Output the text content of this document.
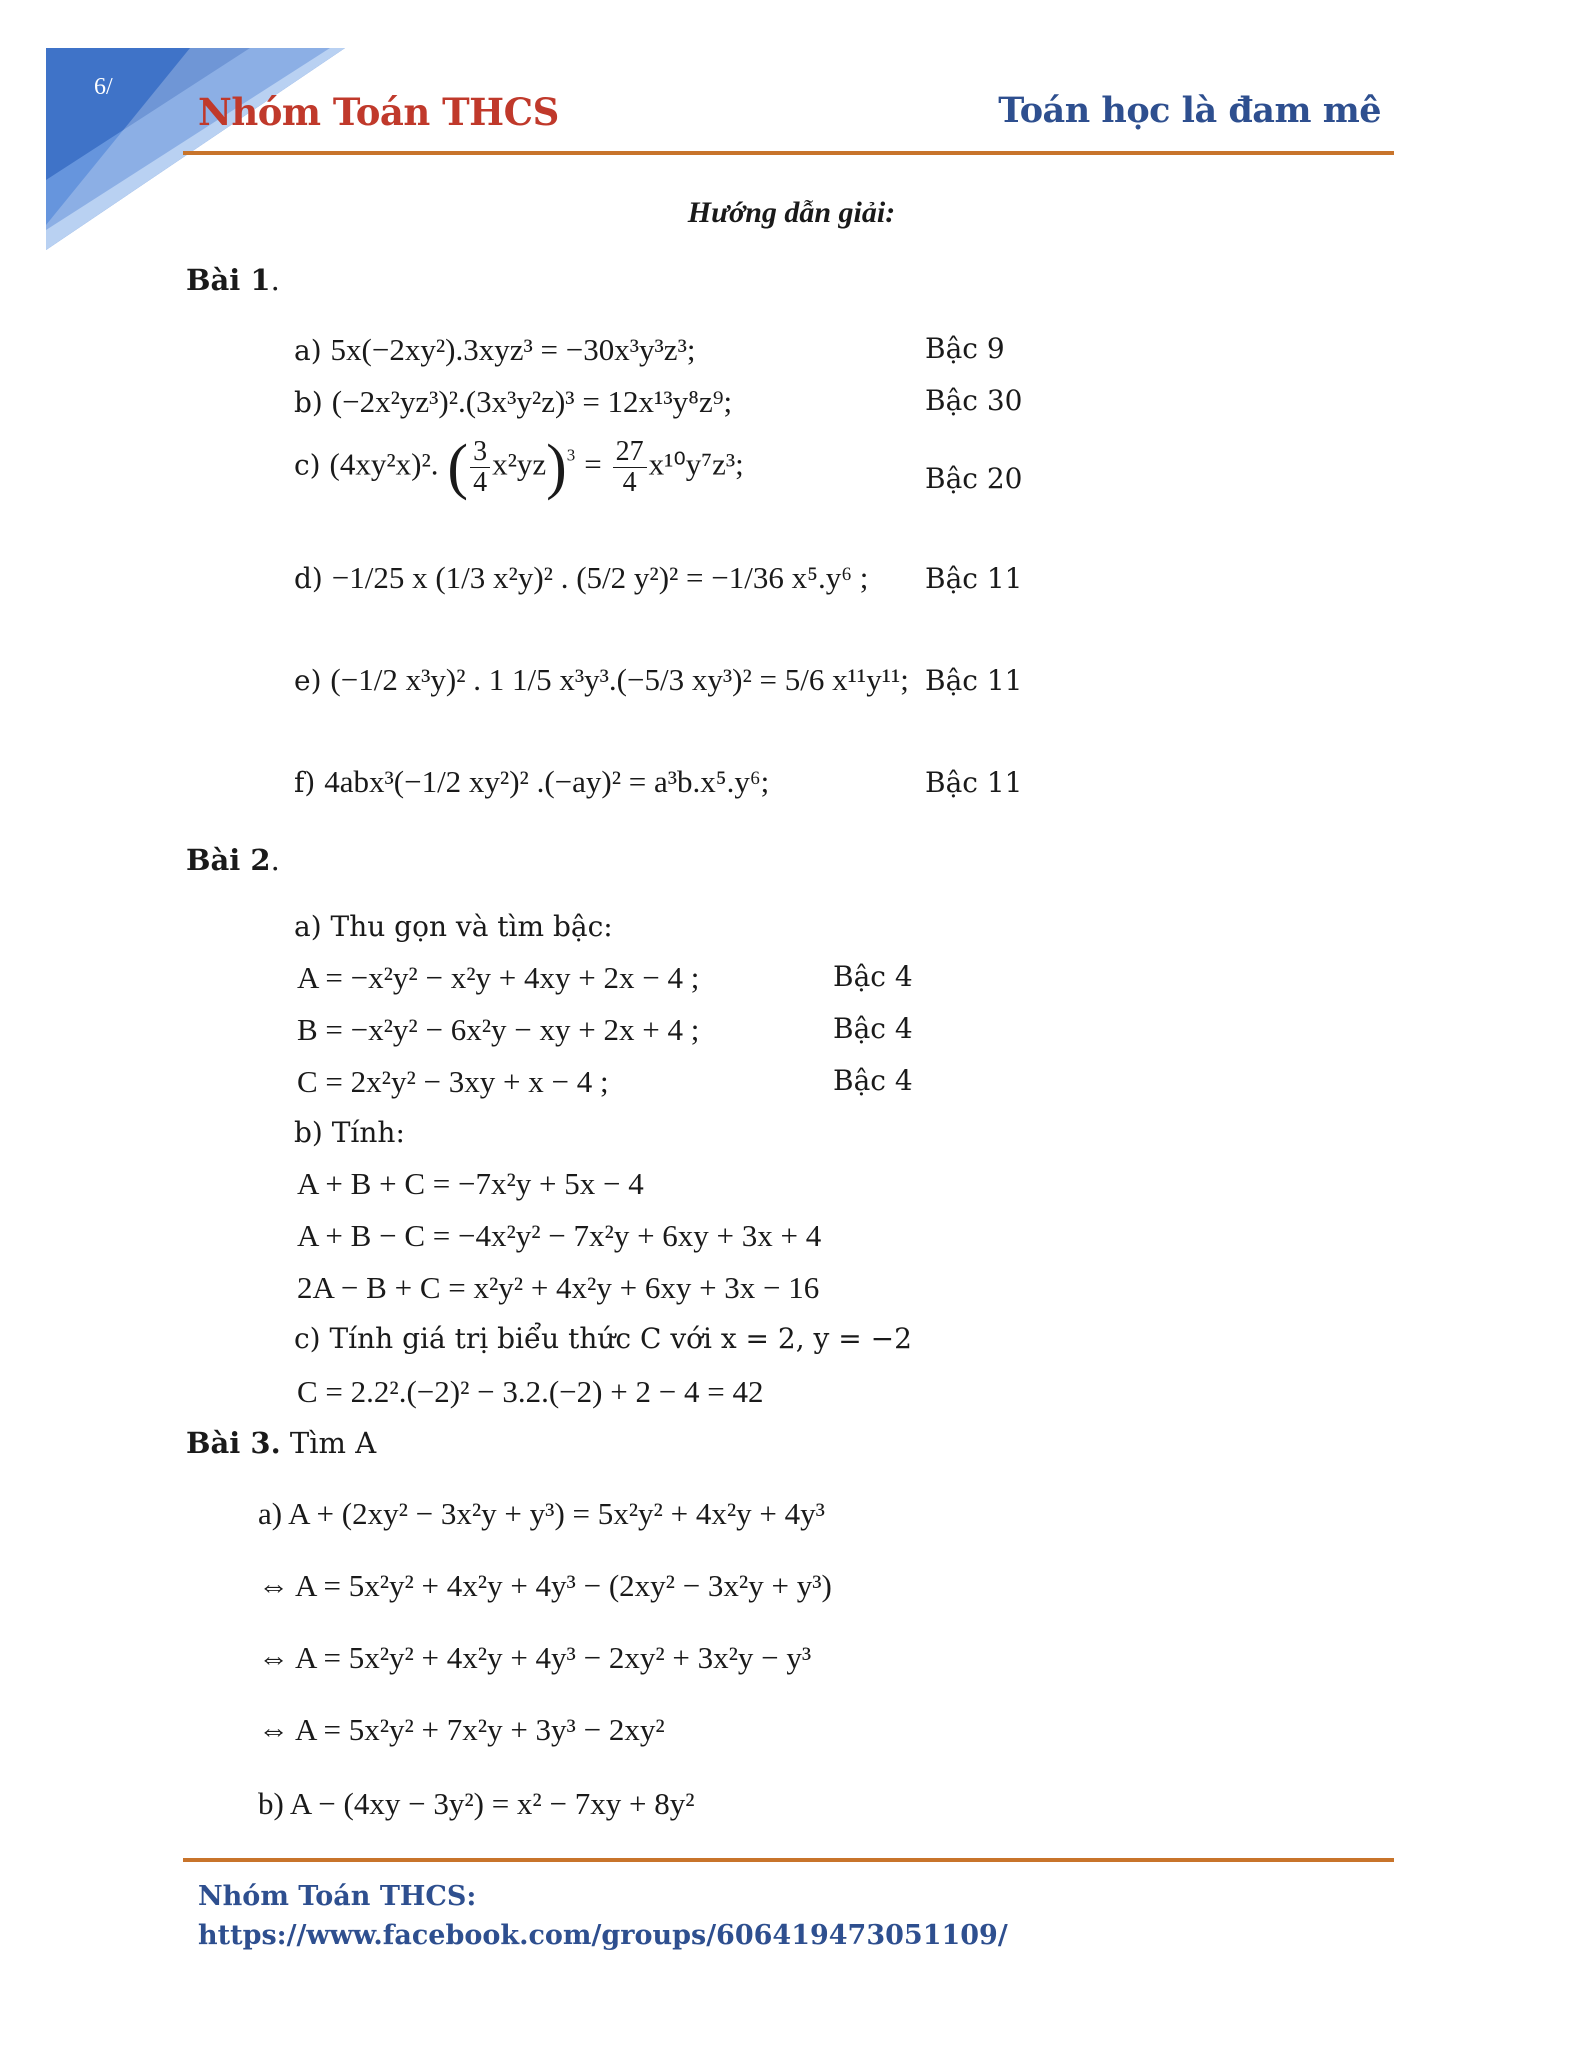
6/
Nhóm Toán THCS	Toán học là đam mê
Hướng dẫn giải:
Bài 1.
a) 5x(−2xy²).3xyz³ = −30x³y³z³;	Bậc 9
b) (−2x²yz³)².(3x³y²z)³ = 12x¹³y⁸z⁹;	Bậc 30
c) (4xy²x)². ( $\frac{3}{4} x^2yz)^3 = \frac{27}{4} x^{10}y^7z^3$;	Bậc 20
d) −1/25 x (1/3 x²y)² . (5/2 y²)² = −1/36 x⁵.y⁶ ; Bậc 11
e) (−1/2 x³y)² . 1 1/5 x³y³.(−5/3 xy³)² = 5/6 x¹¹y¹¹; Bậc 11
f) 4abx³(−1/2 xy²)² .(−ay)² = a³b.x⁵.y⁶;	Bậc 11
Bài 2.
a) Thu gọn và tìm bậc:
A = −x²y² − x²y + 4xy + 2x − 4 ;	Bậc 4
B = −x²y² − 6x²y − xy + 2x + 4 ;	Bậc 4
C = 2x²y² − 3xy + x − 4 ;	Bậc 4
b) Tính:
A + B + C = −7x²y + 5x − 4
A + B − C = −4x²y² − 7x²y + 6xy + 3x + 4
2A − B + C = x²y² + 4x²y + 6xy + 3x − 16
c) Tính giá trị biểu thức C với x = 2, y = −2
C = 2.2².(−2)² − 3.2.(−2) + 2 − 4 = 42
Bài 3. Tìm A
a) A + (2xy² − 3x²y + y³) = 5x²y² + 4x²y + 4y³
⇔ A = 5x²y² + 4x²y + 4y³ − (2xy² − 3x²y + y³)
⇔ A = 5x²y² + 4x²y + 4y³ − 2xy² + 3x²y − y³
⇔ A = 5x²y² + 7x²y + 3y³ − 2xy²
b) A − (4xy − 3y²) = x² − 7xy + 8y²
Nhóm Toán THCS:
https://www.facebook.com/groups/606419473051109/
